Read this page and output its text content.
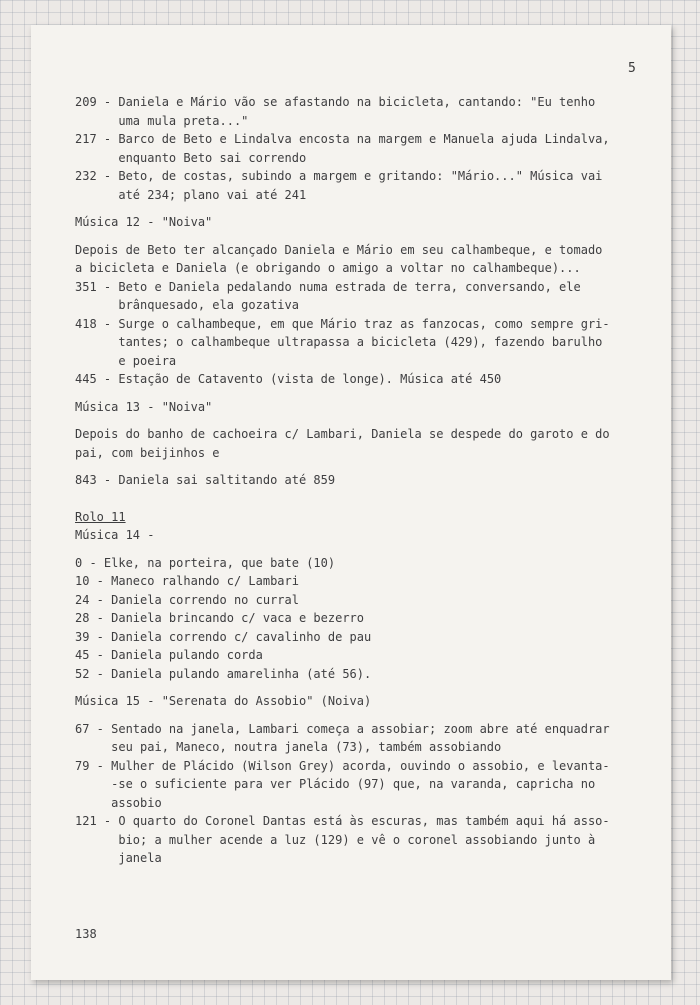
5
209 - Daniela e Mário vão se afastando na bicicleta, cantando: "Eu tenho
uma mula preta..."
217 - Barco de Beto e Lindalva encosta na margem e Manuela ajuda Lindalva,
enquanto Beto sai correndo
232 - Beto, de costas, subindo a margem e gritando: "Mário..." Música vai
até 234; plano vai até 241
Música 12 - "Noiva"
Depois de Beto ter alcançado Daniela e Mário em seu calhambeque, e tomado
a bicicleta e Daniela (e obrigando o amigo a voltar no calhambeque)...
351 - Beto e Daniela pedalando numa estrada de terra, conversando, ele
brânquesado, ela gozativa
418 - Surge o calhambeque, em que Mário traz as fanzocas, como sempre gri-
tantes; o calhambeque ultrapassa a bicicleta (429), fazendo barulho
e poeira
445 - Estação de Catavento (vista de longe). Música até 450
Música 13 - "Noiva"
Depois do banho de cachoeira c/ Lambari, Daniela se despede do garoto e do
pai, com beijinhos e
843 - Daniela sai saltitando até 859
Rolo 11
Música 14 -
0 - Elke, na porteira, que bate (10)
10 - Maneco ralhando c/ Lambari
24 - Daniela correndo no curral
28 - Daniela brincando c/ vaca e bezerro
39 - Daniela correndo c/ cavalinho de pau
45 - Daniela pulando corda
52 - Daniela pulando amarelinha (até 56).
Música 15 - "Serenata do Assobio" (Noiva)
67 - Sentado na janela, Lambari começa a assobiar; zoom abre até enquadrar
seu pai, Maneco, noutra janela (73), também assobiando
79 - Mulher de Plácido (Wilson Grey) acorda, ouvindo o assobio, e levanta-
-se o suficiente para ver Plácido (97) que, na varanda, capricha no
assobio
121 - O quarto do Coronel Dantas está às escuras, mas também aqui há asso-
bio; a mulher acende a luz (129) e vê o coronel assobiando junto à
janela
138
